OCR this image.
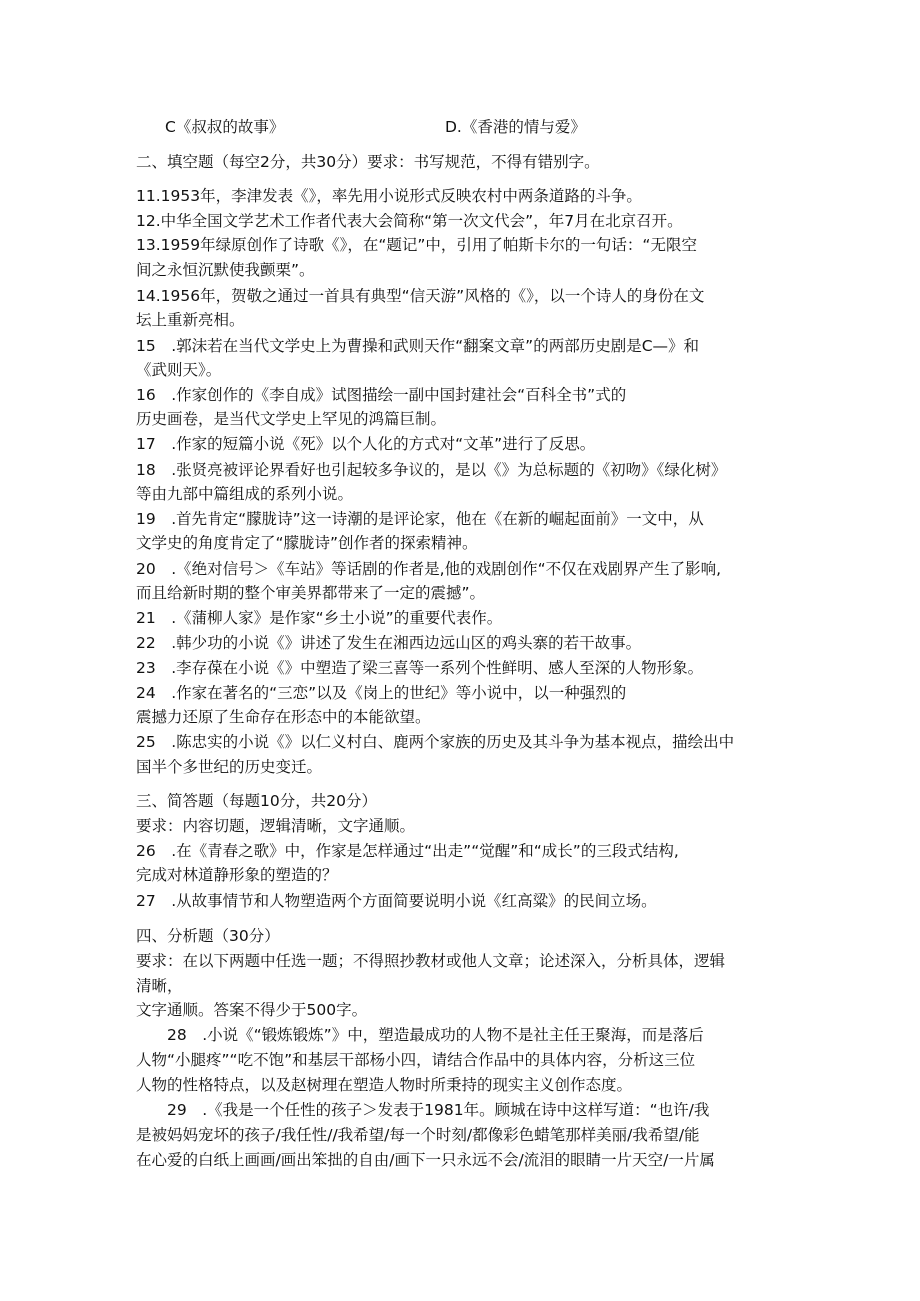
C《叔叔的故事》	D.《香港的情与爱》
二、填空题（每空2分，共30分）要求：书写规范，不得有错别字。
11.1953年，李津发表《》，率先用小说形式反映农村中两条道路的斗争。
12.中华全国文学艺术工作者代表大会简称“第一次文代会”，年7月在北京召开。
13.1959年绿原创作了诗歌《》，在“题记”中，引用了帕斯卡尔的一句话：“无限空
间之永恒沉默使我颤栗”。
14.1956年，贺敬之通过一首具有典型“信天游”风格的《》，以一个诗人的身份在文
坛上重新亮相。
15　.郭沫若在当代文学史上为曹操和武则天作“翻案文章”的两部历史剧是C—》和
《武则天》。
16　.作家创作的《李自成》试图描绘一副中国封建社会“百科全书”式的
历史画卷，是当代文学史上罕见的鸿篇巨制。
17　.作家的短篇小说《死》以个人化的方式对“文革”进行了反思。
18　.张贤亮被评论界看好也引起较多争议的，是以《》为总标题的《初吻》《绿化树》
等由九部中篇组成的系列小说。
19　.首先肯定“朦胧诗”这一诗潮的是评论家，他在《在新的崛起面前》一文中，从
文学史的角度肯定了“朦胧诗”创作者的探索精神。
20　.《绝对信号＞《车站》等话剧的作者是,他的戏剧创作“不仅在戏剧界产生了影响,
而且给新时期的整个审美界都带来了一定的震撼”。
21　.《蒲柳人家》是作家“乡土小说”的重要代表作。
22　.韩少功的小说《》讲述了发生在湘西边远山区的鸡头寨的若干故事。
23　.李存葆在小说《》中塑造了梁三喜等一系列个性鲜明、感人至深的人物形象。
24　.作家在著名的“三恋”以及《岗上的世纪》等小说中，以一种强烈的
震撼力还原了生命存在形态中的本能欲望。
25　.陈忠实的小说《》以仁义村白、鹿两个家族的历史及其斗争为基本视点，描绘出中
国半个多世纪的历史变迁。
三、简答题（每题10分，共20分）
要求：内容切题，逻辑清晰，文字通顺。
26　.在《青春之歌》中，作家是怎样通过“出走”“觉醒”和“成长”的三段式结构,
完成对林道静形象的塑造的？
27　.从故事情节和人物塑造两个方面简要说明小说《红高粱》的民间立场。
四、分析题（30分）
要求：在以下两题中任选一题；不得照抄教材或他人文章；论述深入，分析具体，逻辑
清晰，
文字通顺。答案不得少于500字。
　　28　.小说《“锻炼锻炼”》中，塑造最成功的人物不是社主任王聚海，而是落后
人物“小腿疼”“吃不饱”和基层干部杨小四，请结合作品中的具体内容，分析这三位
人物的性格特点，以及赵树理在塑造人物时所秉持的现实主义创作态度。
　　29　.《我是一个任性的孩子＞发表于1981年。顾城在诗中这样写道：“也许/我
是被妈妈宠坏的孩子/我任性//我希望/每一个时刻/都像彩色蜡笔那样美丽/我希望/能
在心爱的白纸上画画/画出笨拙的自由/画下一只永远不会/流泪的眼睛一片天空/一片属
